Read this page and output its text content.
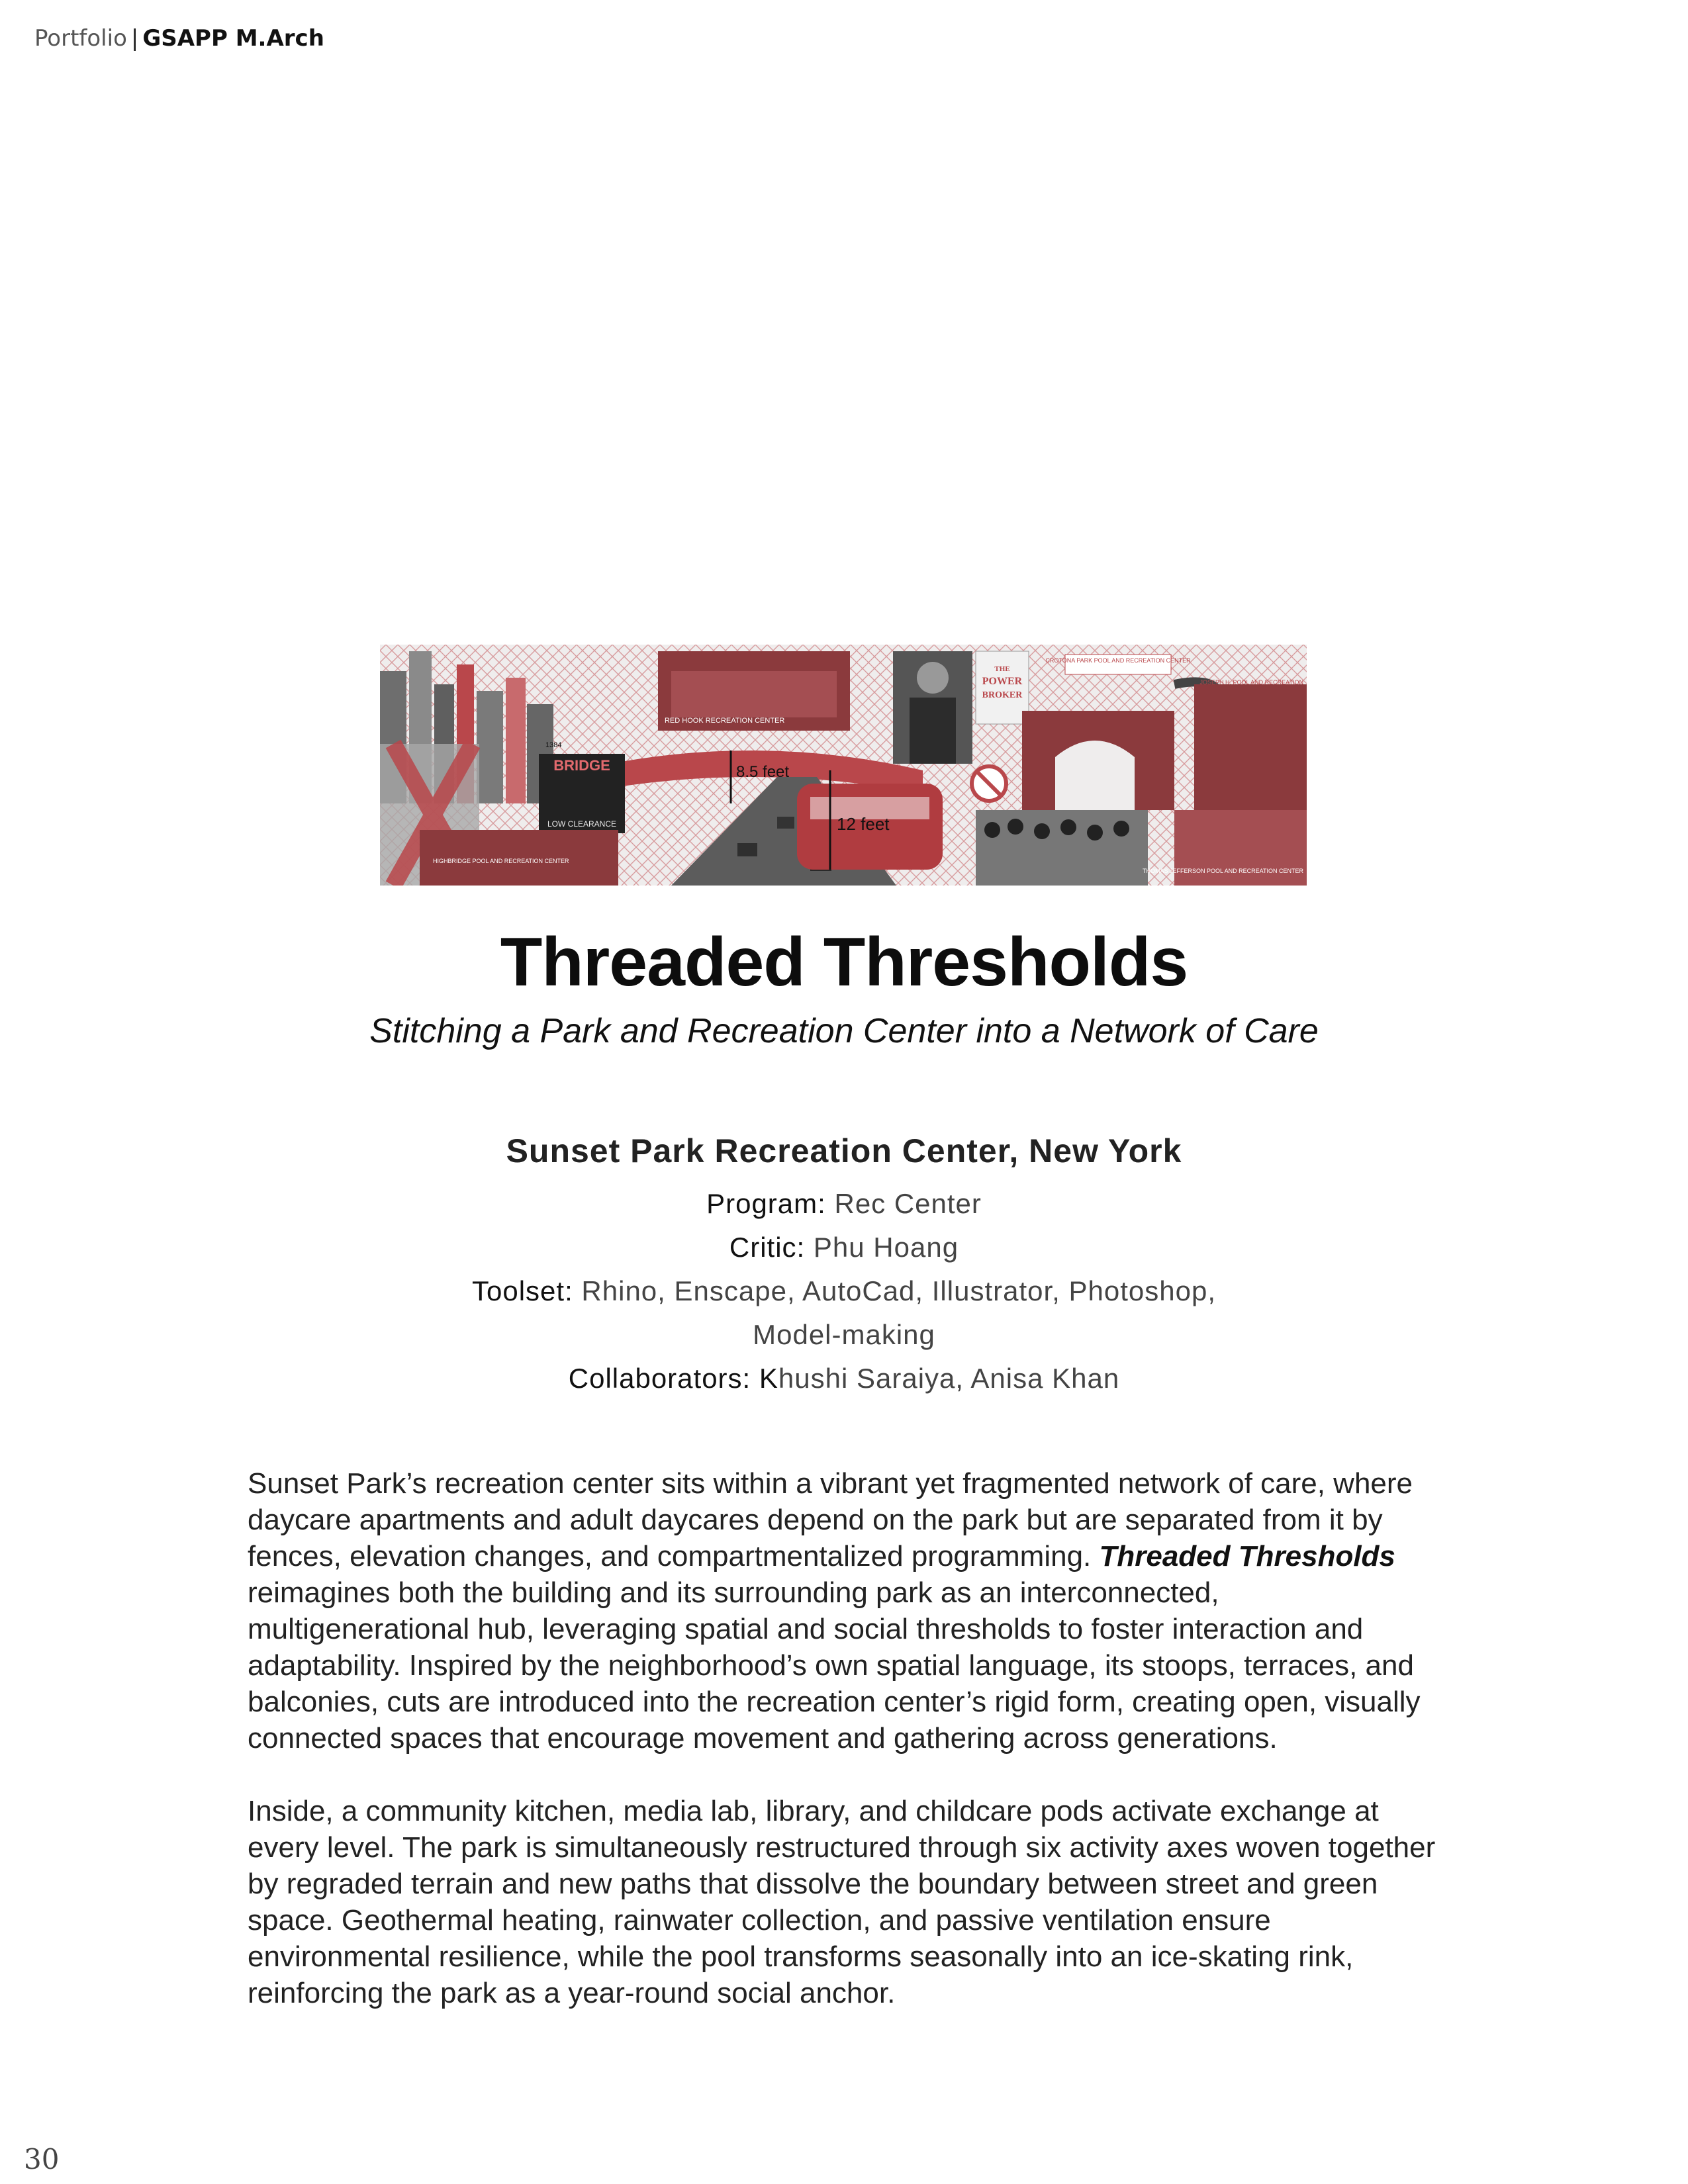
Portfolio | GSAPP M.Arch
RED HOOK RECREATION CENTER
BRIDGE
LOW CLEARANCE
1384
8.5 feet
12 feet
THE
POWER
BROKER
CROTONA PARK POOL AND RECREATION CENTER
JOSEPH H. POOL AND RECREATION
THOMAS JEFFERSON POOL AND RECREATION CENTER
HIGHBRIDGE POOL AND RECREATION CENTER
Threaded Thresholds
Stitching a Park and Recreation Center into a Network of Care
Sunset Park Recreation Center, New York
Program: Rec Center
Critic: Phu Hoang
Toolset: Rhino, Enscape, AutoCad, Illustrator, Photoshop,
Model-making
Collaborators: Khushi Saraiya, Anisa Khan

Sunset Park’s recreation center sits within a vibrant yet fragmented network of care, where daycare apartments and adult daycares depend on the park but are separated from it by fences, elevation changes, and compartmentalized programming. Threaded Thresholds reimagines both the building and its surrounding park as an interconnected, multigenerational hub, leveraging spatial and social thresholds to foster interaction and adaptability. Inspired by the neighborhood’s own spatial language, its stoops, terraces, and balconies, cuts are introduced into the recreation center’s rigid form, creating open, visually connected spaces that encourage movement and gathering across generations.

Inside, a community kitchen, media lab, library, and childcare pods activate exchange at every level. The park is simultaneously restructured through six activity axes woven together by regraded terrain and new paths that dissolve the boundary between street and green space. Geothermal heating, rainwater collection, and passive ventilation ensure environmental resilience, while the pool transforms seasonally into an ice-skating rink, reinforcing the park as a year-round social anchor.

30
